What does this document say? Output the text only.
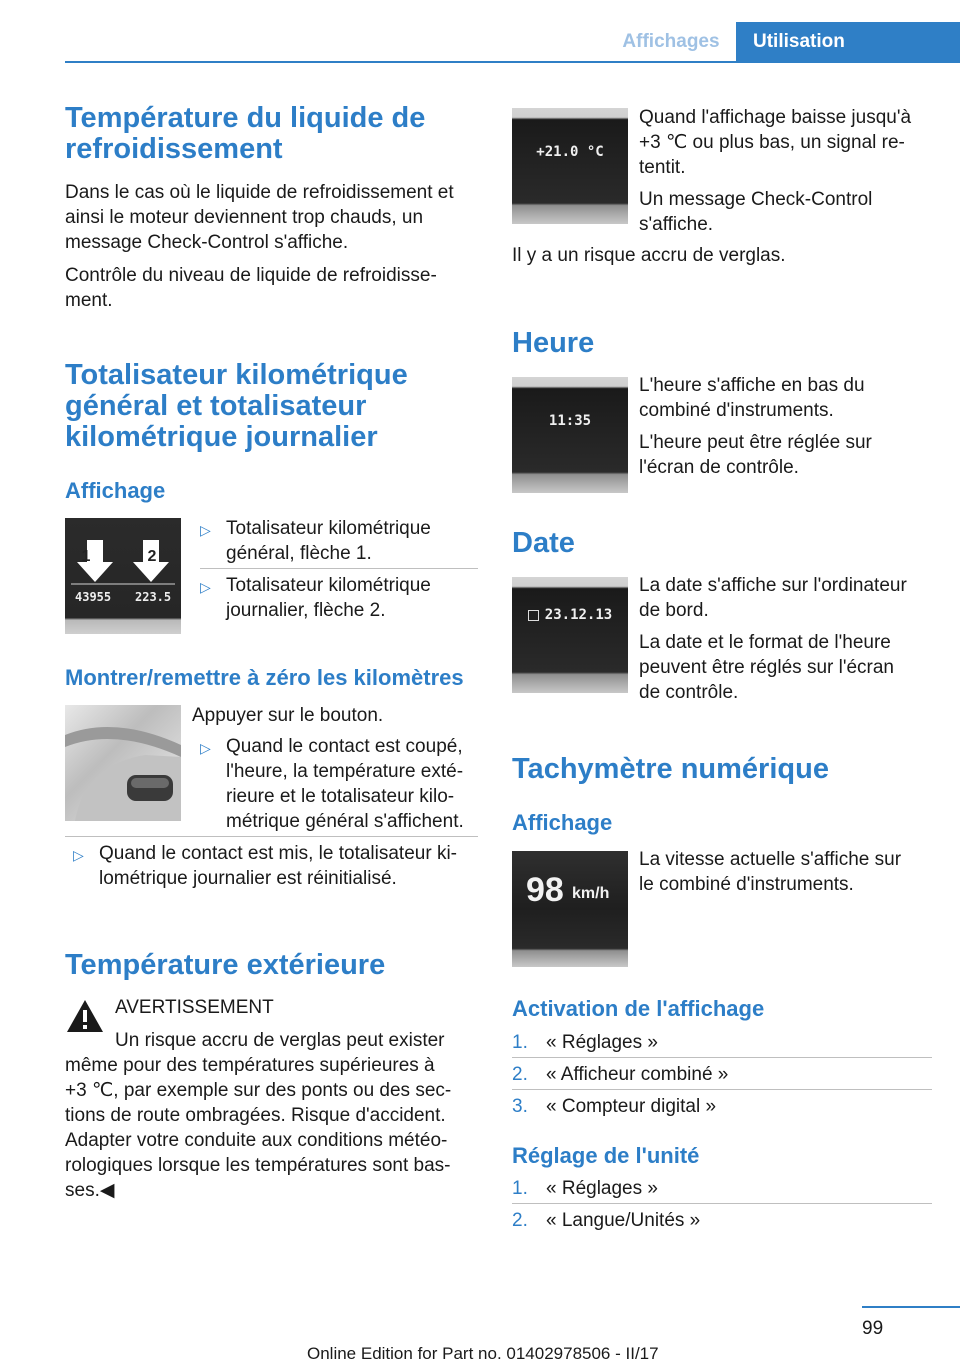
Affichages	Utilisation
Température du liquide de
refroidissement
Dans le cas où le liquide de refroidissement et
ainsi le moteur deviennent trop chauds, un
message Check-Control s'affiche.
Contrôle du niveau de liquide de refroidisse‐
ment.
Totalisateur kilométrique
général et totalisateur
kilométrique journalier
Affichage
1	2
43955 223.5
▷ Totalisateur kilométrique
général, flèche 1.
▷ Totalisateur kilométrique
journalier, flèche 2.
Montrer/remettre à zéro les kilomètres
Appuyer sur le bouton.
▷ Quand le contact est coupé,
l'heure, la température exté‐
rieure et le totalisateur kilo‐
métrique général s'affichent.
▷ Quand le contact est mis, le totalisateur ki‐
lométrique journalier est réinitialisé.
Température extérieure
AVERTISSEMENT
Un risque accru de verglas peut exister
même pour des températures supérieures à
+3 ℃, par exemple sur des ponts ou des sec‐
tions de route ombragées. Risque d'accident.
Adapter votre conduite aux conditions météo‐
rologiques lorsque les températures sont bas‐
ses.◀
+21.0 °C
Quand l'affichage baisse jusqu'à
+3 ℃ ou plus bas, un signal re‐
tentit.
Un message Check-Control
s'affiche.
Il y a un risque accru de verglas.
Heure
11:35
L'heure s'affiche en bas du
combiné d'instruments.
L'heure peut être réglée sur
l'écran de contrôle.
Date
23.12.13
La date s'affiche sur l'ordinateur
de bord.
La date et le format de l'heure
peuvent être réglés sur l'écran
de contrôle.
Tachymètre numérique
Affichage
98 km/h
La vitesse actuelle s'affiche sur
le combiné d'instruments.
Activation de l'affichage
1. « Réglages »
2. « Afficheur combiné »
3. « Compteur digital »
Réglage de l'unité
1. « Réglages »
2. « Langue/Unités »
99
Online Edition for Part no. 01402978506 - II/17
